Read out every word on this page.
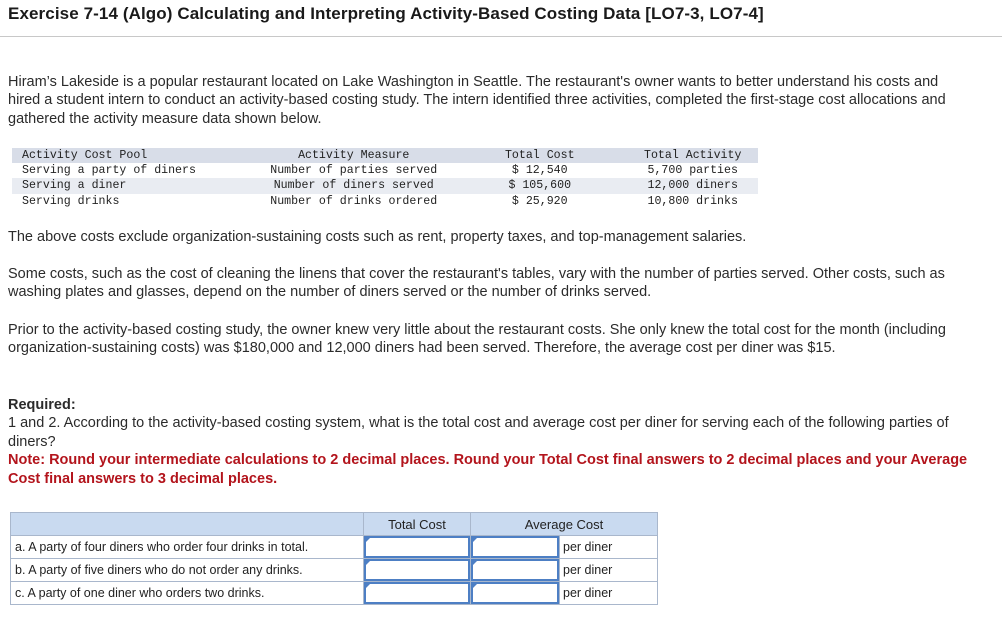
Exercise 7-14 (Algo) Calculating and Interpreting Activity-Based Costing Data [LO7-3, LO7-4]
Hiram’s Lakeside is a popular restaurant located on Lake Washington in Seattle. The restaurant's owner wants to better understand his costs and hired a student intern to conduct an activity-based costing study. The intern identified three activities, completed the first-stage cost allocations and gathered the activity measure data shown below.
Activity Cost Pool	Activity Measure	Total Cost	Total Activity
Serving a party of diners	Number of parties served	$ 12,540	5,700 parties
Serving a diner	Number of diners served	$ 105,600	12,000 diners
Serving drinks	Number of drinks ordered	$ 25,920	10,800 drinks
The above costs exclude organization-sustaining costs such as rent, property taxes, and top-management salaries.
Some costs, such as the cost of cleaning the linens that cover the restaurant's tables, vary with the number of parties served. Other costs, such as washing plates and glasses, depend on the number of diners served or the number of drinks served.
Prior to the activity-based costing study, the owner knew very little about the restaurant costs. She only knew the total cost for the month (including organization-sustaining costs) was $180,000 and 12,000 diners had been served. Therefore, the average cost per diner was $15.
Required:
1 and 2. According to the activity-based costing system, what is the total cost and average cost per diner for serving each of the following parties of diners?
Note: Round your intermediate calculations to 2 decimal places. Round your Total Cost final answers to 2 decimal places and your Average Cost final answers to 3 decimal places.
	Total Cost	Average Cost	
a. A party of four diners who order four drinks in total.			per diner
b. A party of five diners who do not order any drinks.			per diner
c. A party of one diner who orders two drinks.			per diner
